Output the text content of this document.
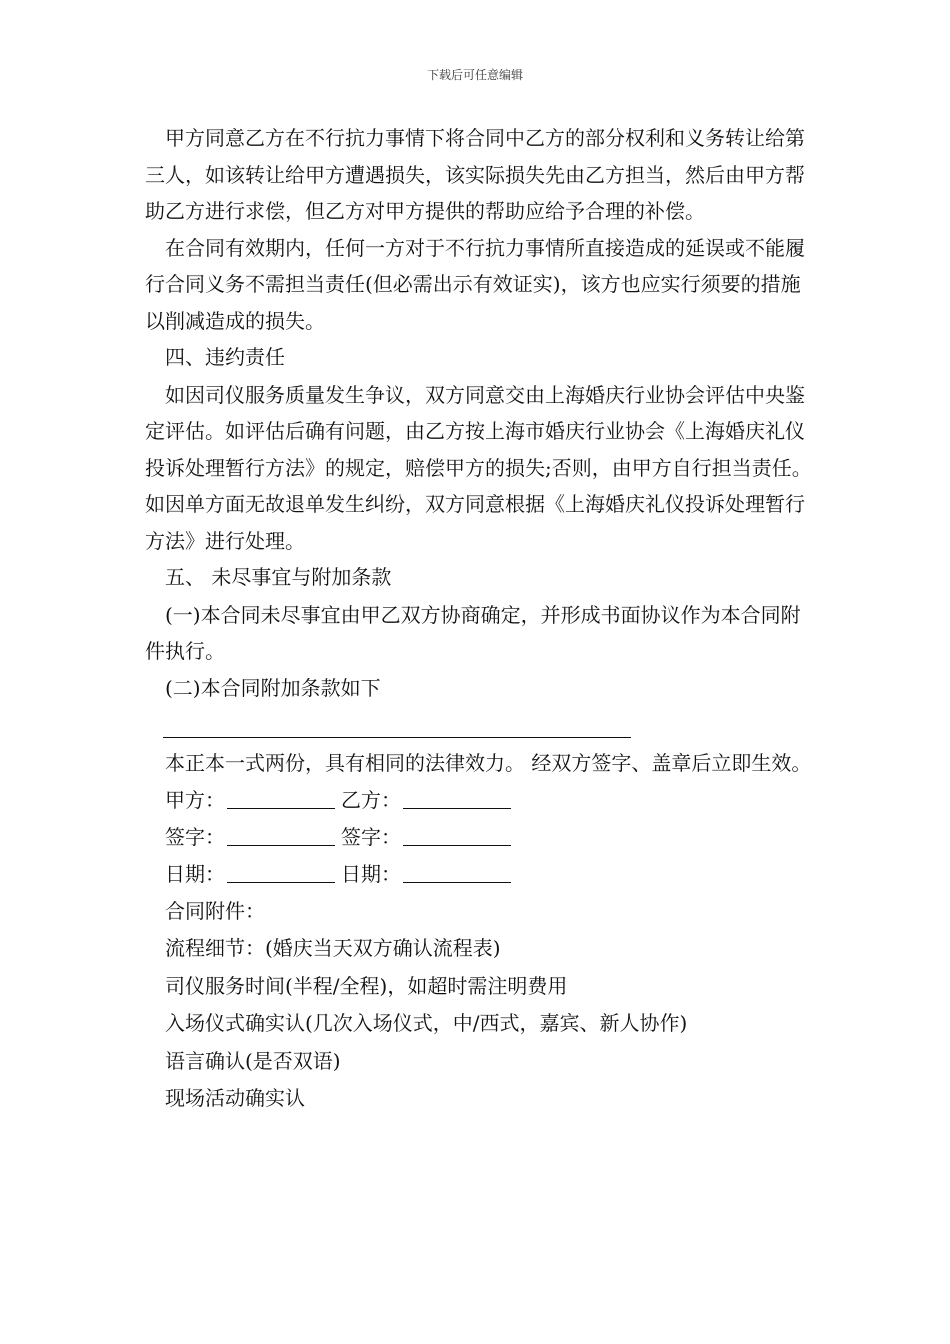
下载后可任意编辑

甲方同意乙方在不行抗力事情下将合同中乙方的部分权利和义务转让给第三人，如该转让给甲方遭遇损失，该实际损失先由乙方担当，然后由甲方帮助乙方进行求偿，但乙方对甲方提供的帮助应给予合理的补偿。

在合同有效期内，任何一方对于不行抗力事情所直接造成的延误或不能履行合同义务不需担当责任(但必需出示有效证实)，该方也应实行须要的措施以削减造成的损失。

四、违约责任

如因司仪服务质量发生争议，双方同意交由上海婚庆行业协会评估中央鉴定评估。如评估后确有问题，由乙方按上海市婚庆行业协会《上海婚庆礼仪投诉处理暂行方法》的规定，赔偿甲方的损失;否则，由甲方自行担当责任。如因单方面无故退单发生纠纷，双方同意根据《上海婚庆礼仪投诉处理暂行方法》进行处理。

五、 未尽事宜与附加条款

(一)本合同未尽事宜由甲乙双方协商确定，并形成书面协议作为本合同附件执行。

(二)本合同附加条款如下

本正本一式两份，具有相同的法律效力。 经双方签字、盖章后立即生效。

甲方：	乙方：
签字：	签字：
日期：	日期：

合同附件：

流程细节：(婚庆当天双方确认流程表)

司仪服务时间(半程/全程)，如超时需注明费用

入场仪式确实认(几次入场仪式，中/西式，嘉宾、新人协作)

语言确认(是否双语)

现场活动确实认
